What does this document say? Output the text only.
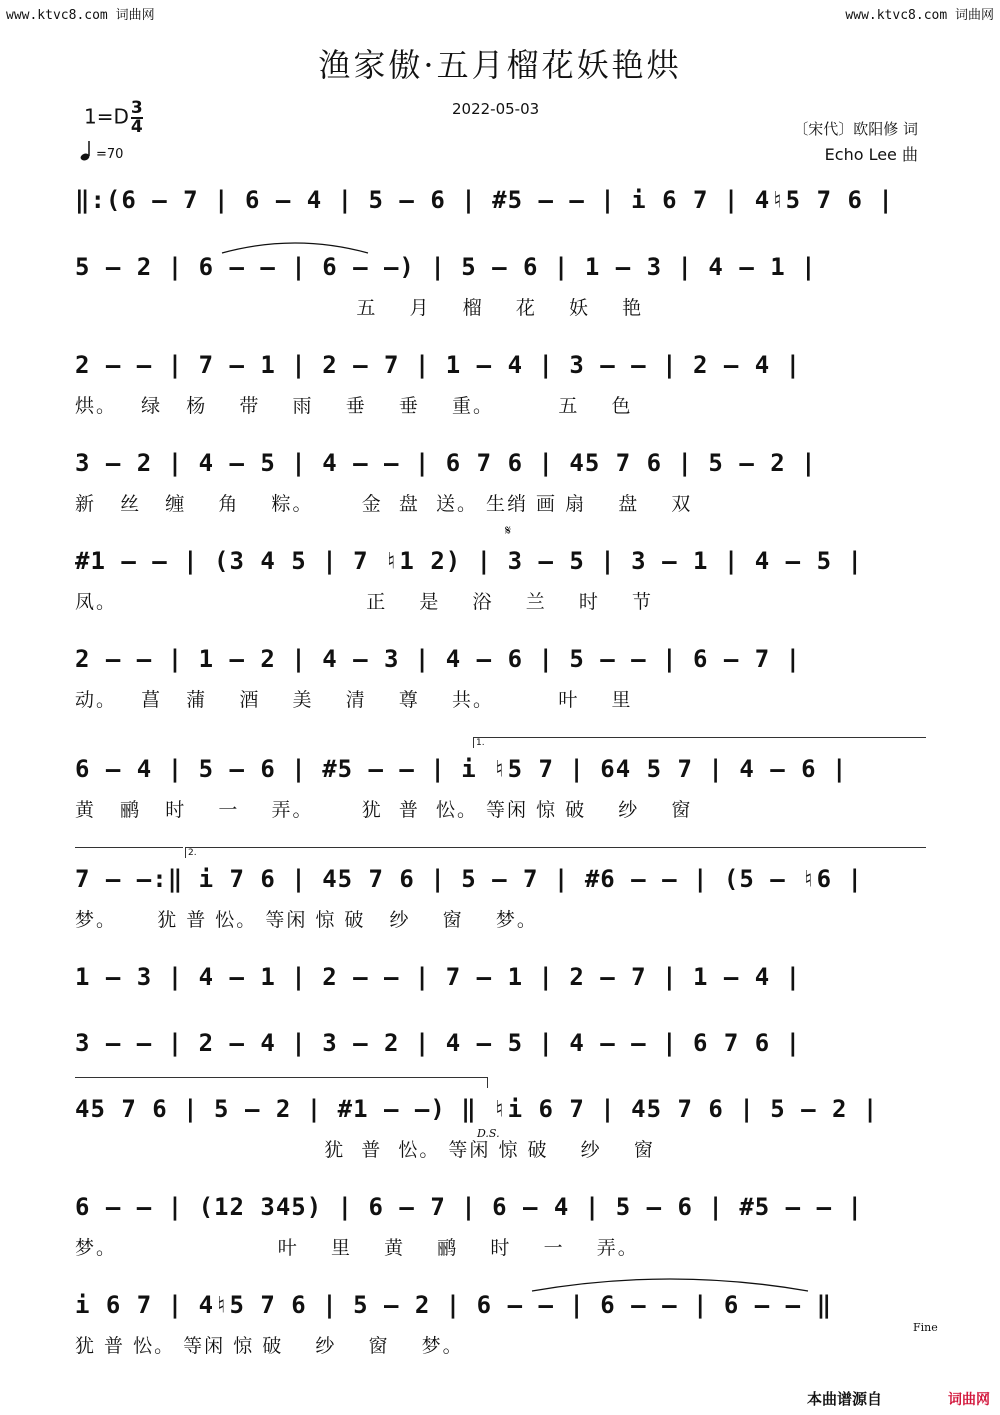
www.ktvc8.com 词曲网	www.ktvc8.com 词曲网
渔家傲·五月榴花妖艳烘
$1=D \frac{3}{4}$	2022-05-03
=70
〔宋代〕欧阳修 词
Echo Lee 曲
‖:(6 – 7 | 6 – 4 | 5 – 6 | #5 – – | i 6 7 | 4♮5 7 6 |
5 – 2 | 6 – – | 6 – –) | 5 – 6 | 1 – 3 | 4 – 1 |
五    月    榴    花    妖    艳
2 – – | 7 – 1 | 2 – 7 | 1 – 4 | 3 – – | 2 – 4 |
烘。   绿   杨    带    雨    垂    垂    重。        五    色
3 – 2 | 4 – 5 | 4 – – | 6 7 6 | 45 7 6 | 5 – 2 |
新   丝   缠    角    粽。      金  盘  送。 生绡 画 扇    盘    双
#1 – – | (3 4 5 | 7 ♮1 2) | 3 – 5 | 3 – 1 | 4 – 5 |
凤。                               正    是    浴    兰    时    节
𝄋
2 – – | 1 – 2 | 4 – 3 | 4 – 6 | 5 – – | 6 – 7 |
动。   菖   蒲    酒    美    清    尊    共。        叶    里
1.
6 – 4 | 5 – 6 | #5 – – | i ♮5 7 | 64 5 7 | 4 – 6 |
黄   鹂   时    一    弄。      犹  普  忪。 等闲 惊 破    纱    窗
2.
7 – –:‖ i 7 6 | 45 7 6 | 5 – 7 | #6 – – | (5 – ♮6 |
梦。     犹 普 忪。 等闲 惊 破   纱    窗    梦。
1 – 3 | 4 – 1 | 2 – – | 7 – 1 | 2 – 7 | 1 – 4 |
3 – – | 2 – 4 | 3 – 2 | 4 – 5 | 4 – – | 6 7 6 |
45 7 6 | 5 – 2 | #1 – –) ‖ ♮i 6 7 | 45 7 6 | 5 – 2 |
犹  普  忪。 等闲 惊 破    纱    窗
D.S.
6 – – | (12 345) | 6 – 7 | 6 – 4 | 5 – 6 | #5 – – |
梦。                    叶    里    黄    鹂    时    一    弄。
i 6 7 | 4♮5 7 6 | 5 – 2 | 6 – – | 6 – – | 6 – – ‖
犹 普 忪。 等闲 惊 破    纱    窗    梦。
Fine
本曲谱源自	词曲网
